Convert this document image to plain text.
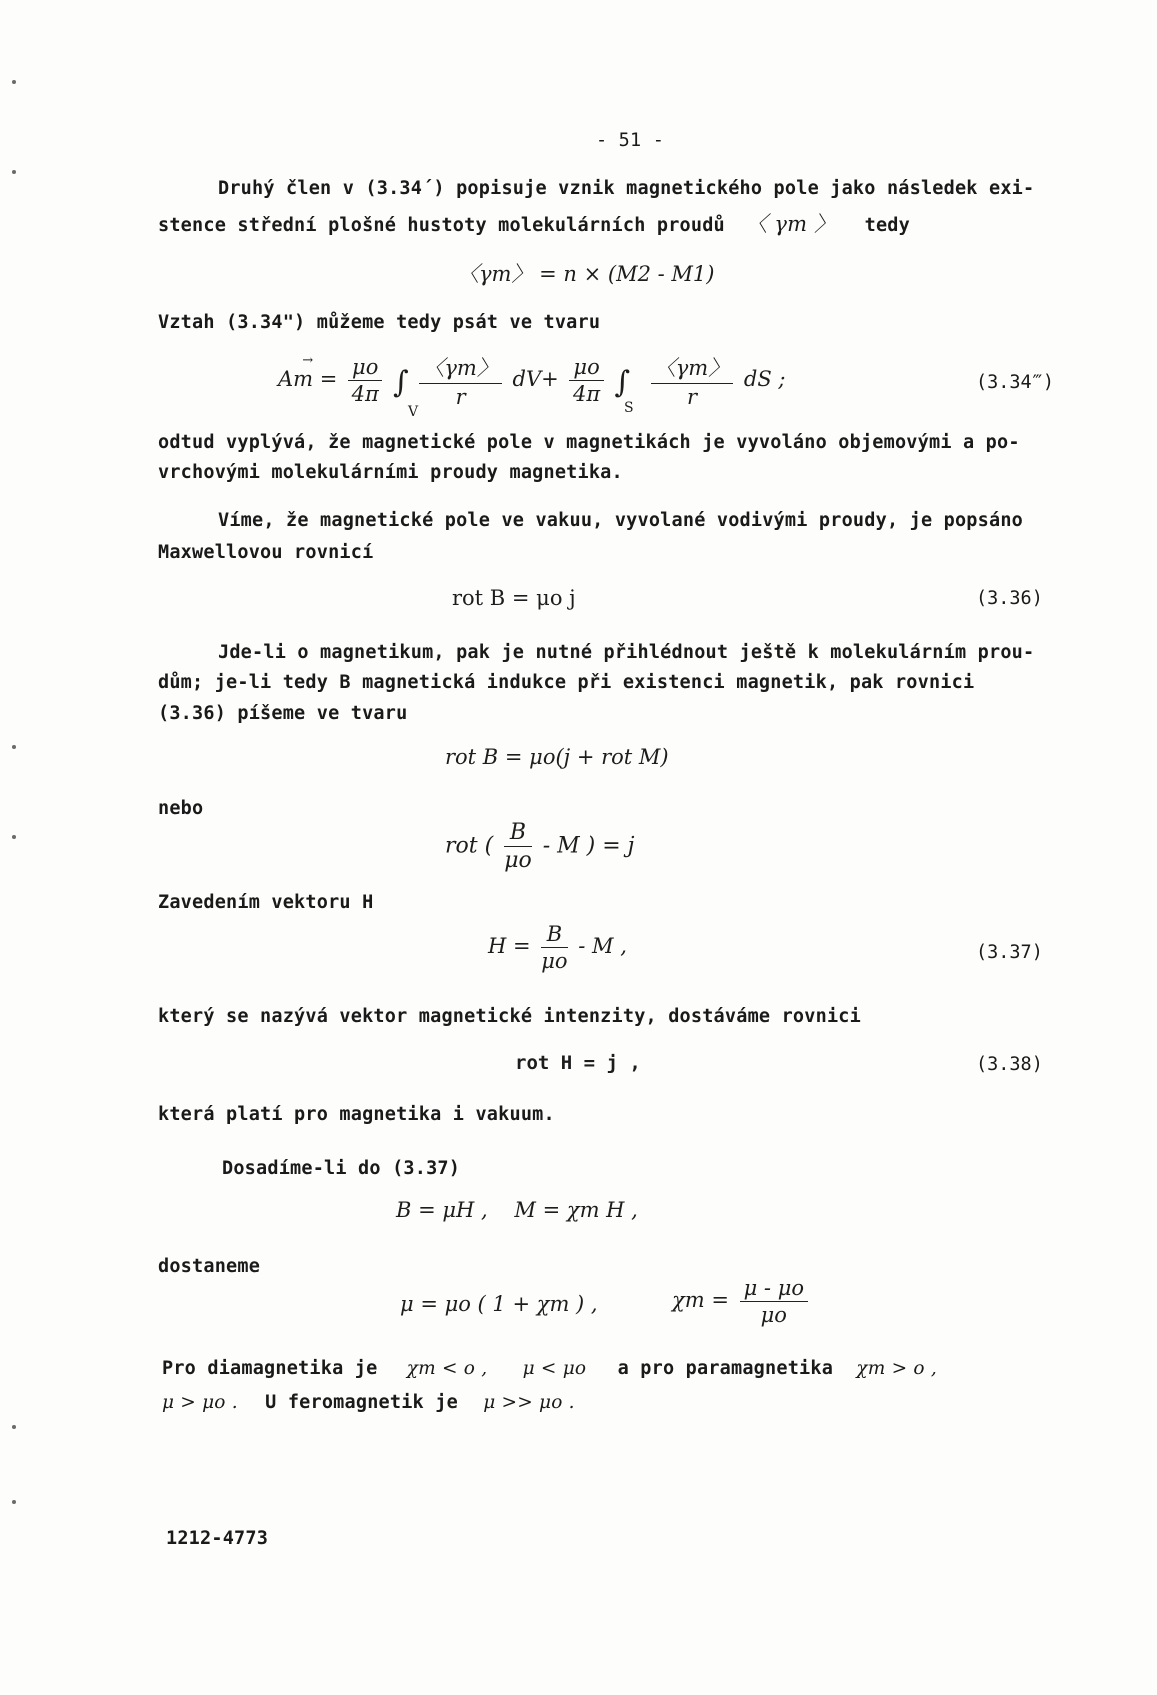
- 51 -
Druhý člen v (3.34´) popisuje vznik magnetického pole jako následek exi-
stence střední plošné hustoty molekulárních proudů 〈 γm 〉 tedy
〈γm〉 = n × (M2 - M1)
Vztah (3.34") můžeme tedy psát ve tvaru
→ $Am = \frac{\mu o}{4\pi}$ ∫ $\frac{〈\gamma m〉}{r} dV+ \frac{\mu o}{4\pi}$ ∫ $\frac{〈\gamma m〉}{r}$ dS ;
V	S
(3.34‴)
odtud vyplývá, že magnetické pole v magnetikách je vyvoláno objemovými a po-
vrchovými molekulárními proudy magnetika.
Víme, že magnetické pole ve vakuu, vyvolané vodivými proudy, je popsáno
Maxwellovou rovnicí
rot B = μo j	(3.36)
Jde-li o magnetikum, pak je nutné přihlédnout ještě k molekulárním prou-
dům; je-li tedy B magnetická indukce při existenci magnetik, pak rovnici
(3.36) píšeme ve tvaru
rot B = μo(j + rot M)
nebo
rot ( $\frac{B}{\mu o}$ - M ) = j
Zavedením vektoru H
$H = \frac{B}{\mu o} - M$ ,	(3.37)
který se nazývá vektor magnetické intenzity, dostáváme rovnici
rot H = j ,	(3.38)
která platí pro magnetika i vakuum.
Dosadíme-li do (3.37)
B = μH ,    M = χm H ,
dostaneme
μ = μo ( 1 + χm ) ,	$\chi m = \frac{\mu - \mu o}{\mu o}$
Pro diamagnetika je χm < o , μ < μo a pro paramagnetika χm > o ,
μ > μo . U feromagnetik je μ >> μo .
1212-4773
